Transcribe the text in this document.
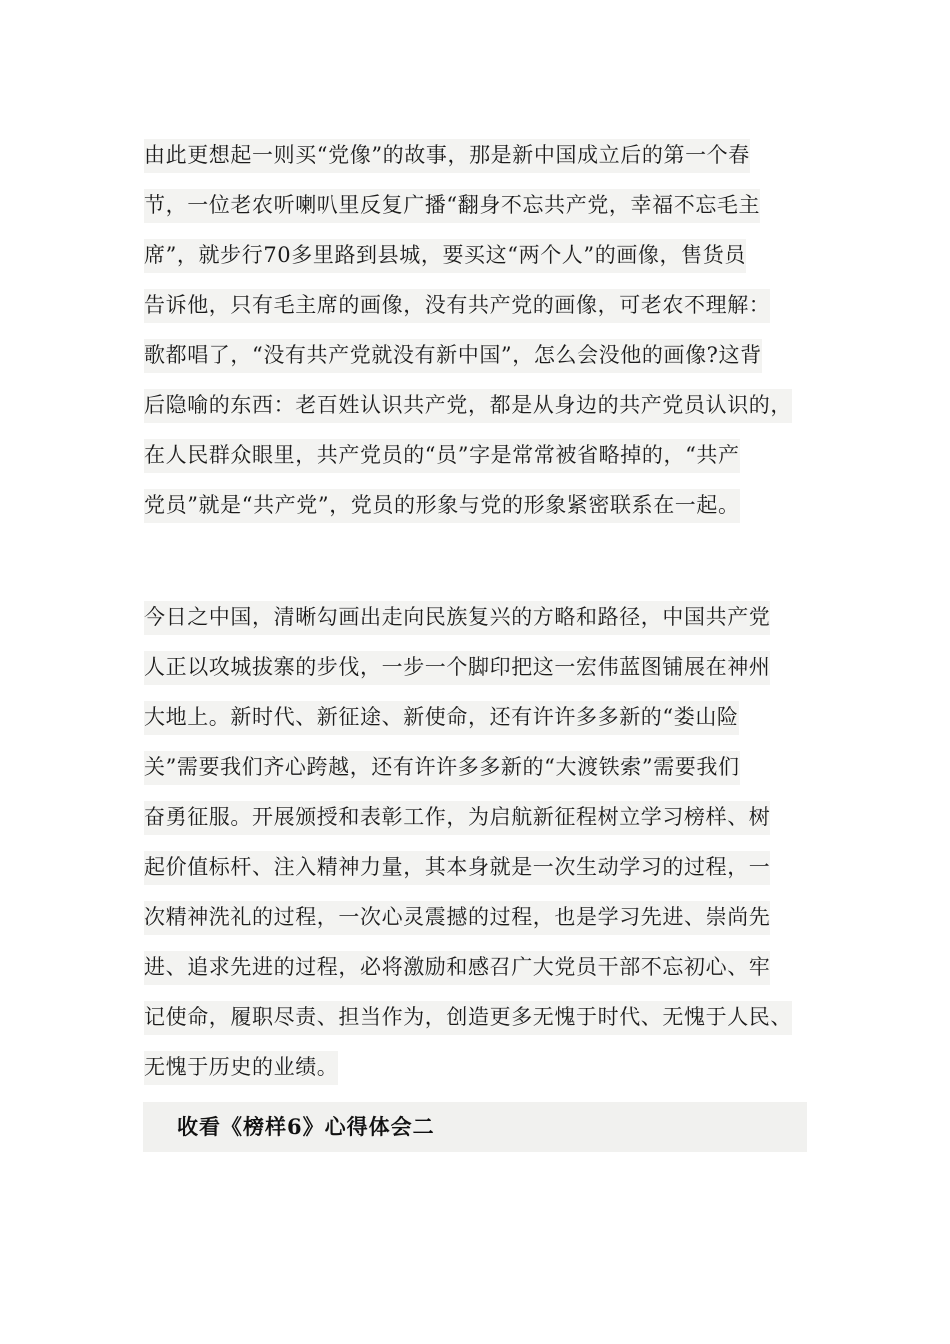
由此更想起一则买“党像”的故事，那是新中国成立后的第一个春
节，一位老农听喇叭里反复广播“翻身不忘共产党，幸福不忘毛主
席”，就步行70多里路到县城，要买这“两个人”的画像，售货员
告诉他，只有毛主席的画像，没有共产党的画像，可老农不理解：
歌都唱了，“没有共产党就没有新中国”，怎么会没他的画像?这背
后隐喻的东西：老百姓认识共产党，都是从身边的共产党员认识的，
在人民群众眼里，共产党员的“员”字是常常被省略掉的，“共产
党员”就是“共产党”，党员的形象与党的形象紧密联系在一起。
今日之中国，清晰勾画出走向民族复兴的方略和路径，中国共产党
人正以攻城拔寨的步伐，一步一个脚印把这一宏伟蓝图铺展在神州
大地上。新时代、新征途、新使命，还有许许多多新的“娄山险
关”需要我们齐心跨越，还有许许多多新的“大渡铁索”需要我们
奋勇征服。开展颁授和表彰工作，为启航新征程树立学习榜样、树
起价值标杆、注入精神力量，其本身就是一次生动学习的过程，一
次精神洗礼的过程，一次心灵震撼的过程，也是学习先进、崇尚先
进、追求先进的过程，必将激励和感召广大党员干部不忘初心、牢
记使命，履职尽责、担当作为，创造更多无愧于时代、无愧于人民、
无愧于历史的业绩。
收看《榜样6》心得体会二
